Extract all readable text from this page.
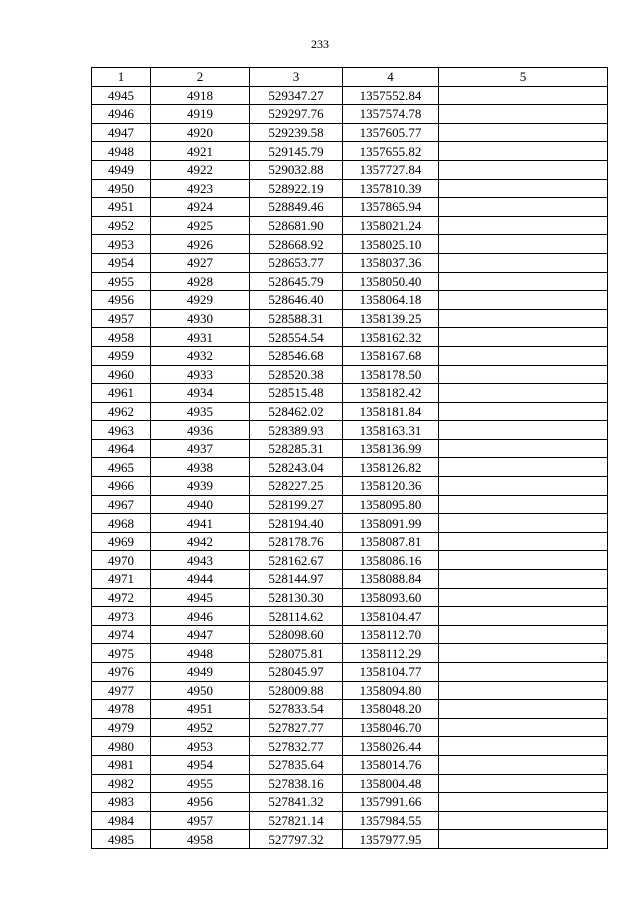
233
1	2	3	4	5
4945	4918	529347.27	1357552.84	
4946	4919	529297.76	1357574.78	
4947	4920	529239.58	1357605.77	
4948	4921	529145.79	1357655.82	
4949	4922	529032.88	1357727.84	
4950	4923	528922.19	1357810.39	
4951	4924	528849.46	1357865.94	
4952	4925	528681.90	1358021.24	
4953	4926	528668.92	1358025.10	
4954	4927	528653.77	1358037.36	
4955	4928	528645.79	1358050.40	
4956	4929	528646.40	1358064.18	
4957	4930	528588.31	1358139.25	
4958	4931	528554.54	1358162.32	
4959	4932	528546.68	1358167.68	
4960	4933	528520.38	1358178.50	
4961	4934	528515.48	1358182.42	
4962	4935	528462.02	1358181.84	
4963	4936	528389.93	1358163.31	
4964	4937	528285.31	1358136.99	
4965	4938	528243.04	1358126.82	
4966	4939	528227.25	1358120.36	
4967	4940	528199.27	1358095.80	
4968	4941	528194.40	1358091.99	
4969	4942	528178.76	1358087.81	
4970	4943	528162.67	1358086.16	
4971	4944	528144.97	1358088.84	
4972	4945	528130.30	1358093.60	
4973	4946	528114.62	1358104.47	
4974	4947	528098.60	1358112.70	
4975	4948	528075.81	1358112.29	
4976	4949	528045.97	1358104.77	
4977	4950	528009.88	1358094.80	
4978	4951	527833.54	1358048.20	
4979	4952	527827.77	1358046.70	
4980	4953	527832.77	1358026.44	
4981	4954	527835.64	1358014.76	
4982	4955	527838.16	1358004.48	
4983	4956	527841.32	1357991.66	
4984	4957	527821.14	1357984.55	
4985	4958	527797.32	1357977.95	
